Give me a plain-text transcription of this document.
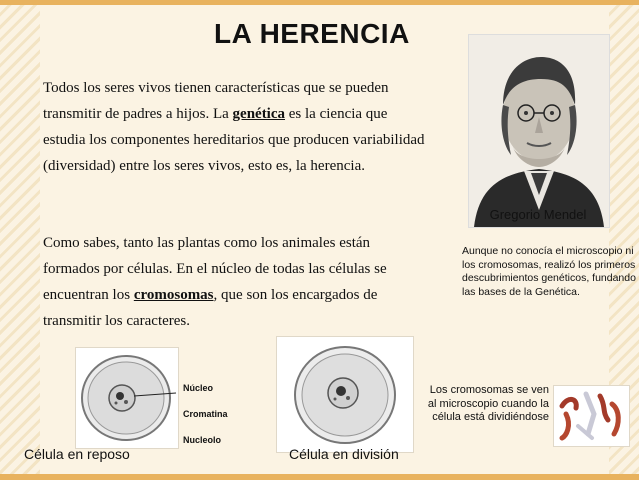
LA HERENCIA

Todos los seres vivos tienen características que se pueden transmitir de padres a hijos. La genética es la ciencia que estudia los componentes hereditarios que producen variabilidad (diversidad) entre los seres vivos, esto es, la herencia.

Como sabes, tanto las plantas como los animales están formados por células. En el núcleo de todas las células se encuentran los cromosomas, que son los encargados de transmitir los caracteres.

Gregorio Mendel

Aunque no conocía el microscopio ni los cromosomas, realizó los primeros descubrimientos genéticos, fundando las bases de la Genética.

Núcleo
Cromatina
Nucleolo
Célula en reposo	Célula en división

Los cromosomas se ven al microscopio cuando la célula está dividiéndose
